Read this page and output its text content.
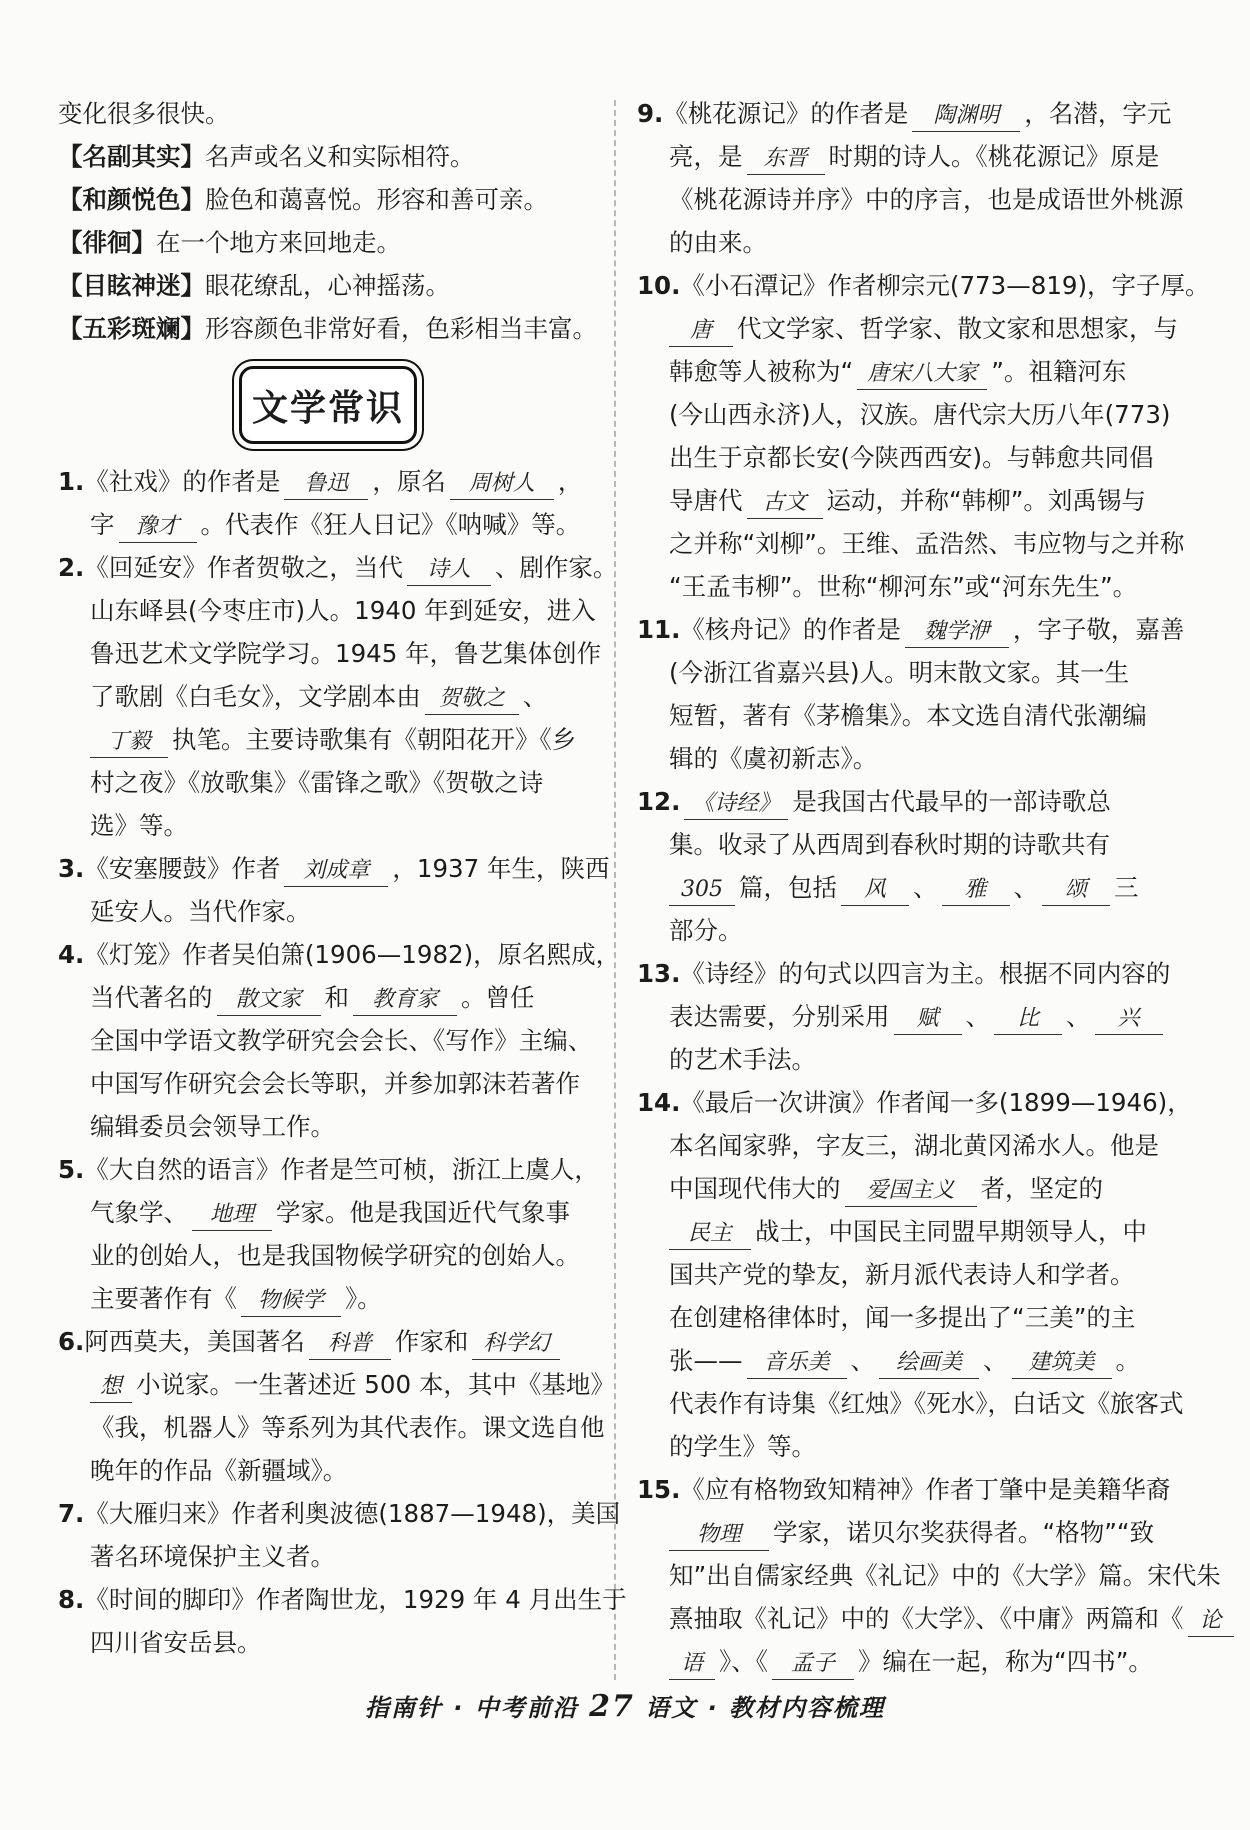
变化很多很快。
【名副其实】名声或名义和实际相符。
【和颜悦色】脸色和蔼喜悦。形容和善可亲。
【徘徊】在一个地方来回地走。
【目眩神迷】眼花缭乱，心神摇荡。
【五彩斑斓】形容颜色非常好看，色彩相当丰富。
文学常识
1.《社戏》的作者是 鲁迅 ，原名 周树人 ，
字 豫才 。代表作《狂人日记》《呐喊》等。
2.《回延安》作者贺敬之，当代 诗人 、剧作家。
山东峄县(今枣庄市)人。1940 年到延安，进入
鲁迅艺术文学院学习。1945 年，鲁艺集体创作
了歌剧《白毛女》，文学剧本由 贺敬之 、
丁毅 执笔。主要诗歌集有《朝阳花开》《乡
村之夜》《放歌集》《雷锋之歌》《贺敬之诗
选》等。
3.《安塞腰鼓》作者 刘成章 ，1937 年生，陕西
延安人。当代作家。
4.《灯笼》作者吴伯箫(1906—1982)，原名熙成，
当代著名的 散文家 和 教育家 。曾任
全国中学语文教学研究会会长、《写作》主编、
中国写作研究会会长等职，并参加郭沫若著作
编辑委员会领导工作。
5.《大自然的语言》作者是竺可桢，浙江上虞人，
气象学、 地理 学家。他是我国近代气象事
业的创始人，也是我国物候学研究的创始人。
主要著作有《 物候学 》。
6.阿西莫夫，美国著名 科普 作家和 科学幻
想 小说家。一生著述近 500 本，其中《基地》
《我，机器人》等系列为其代表作。课文选自他
晚年的作品《新疆域》。
7.《大雁归来》作者利奥波德(1887—1948)，美国
著名环境保护主义者。
8.《时间的脚印》作者陶世龙，1929 年 4 月出生于
四川省安岳县。
9.《桃花源记》的作者是 陶渊明 ，名潜，字元
亮，是 东晋 时期的诗人。《桃花源记》原是
《桃花源诗并序》中的序言，也是成语世外桃源
的由来。
10.《小石潭记》作者柳宗元(773—819)，字子厚。
唐 代文学家、哲学家、散文家和思想家，与
韩愈等人被称为“ 唐宋八大家 ”。祖籍河东
(今山西永济)人，汉族。唐代宗大历八年(773)
出生于京都长安(今陕西西安)。与韩愈共同倡
导唐代 古文 运动，并称“韩柳”。刘禹锡与
之并称“刘柳”。王维、孟浩然、韦应物与之并称
“王孟韦柳”。世称“柳河东”或“河东先生”。
11.《核舟记》的作者是 魏学洢 ，字子敬，嘉善
(今浙江省嘉兴县)人。明末散文家。其一生
短暂，著有《茅檐集》。本文选自清代张潮编
辑的《虞初新志》。
12. 《诗经》 是我国古代最早的一部诗歌总
集。收录了从西周到春秋时期的诗歌共有
305 篇，包括 风 、 雅 、 颂 三
部分。
13.《诗经》的句式以四言为主。根据不同内容的
表达需要，分别采用 赋 、 比 、 兴
的艺术手法。
14.《最后一次讲演》作者闻一多(1899—1946)，
本名闻家骅，字友三，湖北黄冈浠水人。他是
中国现代伟大的 爱国主义 者，坚定的
民主 战士，中国民主同盟早期领导人，中
国共产党的挚友，新月派代表诗人和学者。
在创建格律体时，闻一多提出了“三美”的主
张—— 音乐美 、 绘画美 、 建筑美 。
代表作有诗集《红烛》《死水》，白话文《旅客式
的学生》等。
15.《应有格物致知精神》作者丁肇中是美籍华裔
物理 学家，诺贝尔奖获得者。“格物”“致
知”出自儒家经典《礼记》中的《大学》篇。宋代朱
熹抽取《礼记》中的《大学》、《中庸》两篇和《 论
语 》、《 孟子 》编在一起，称为“四书”。
指南针 · 中考前沿 27 语文 · 教材内容梳理
